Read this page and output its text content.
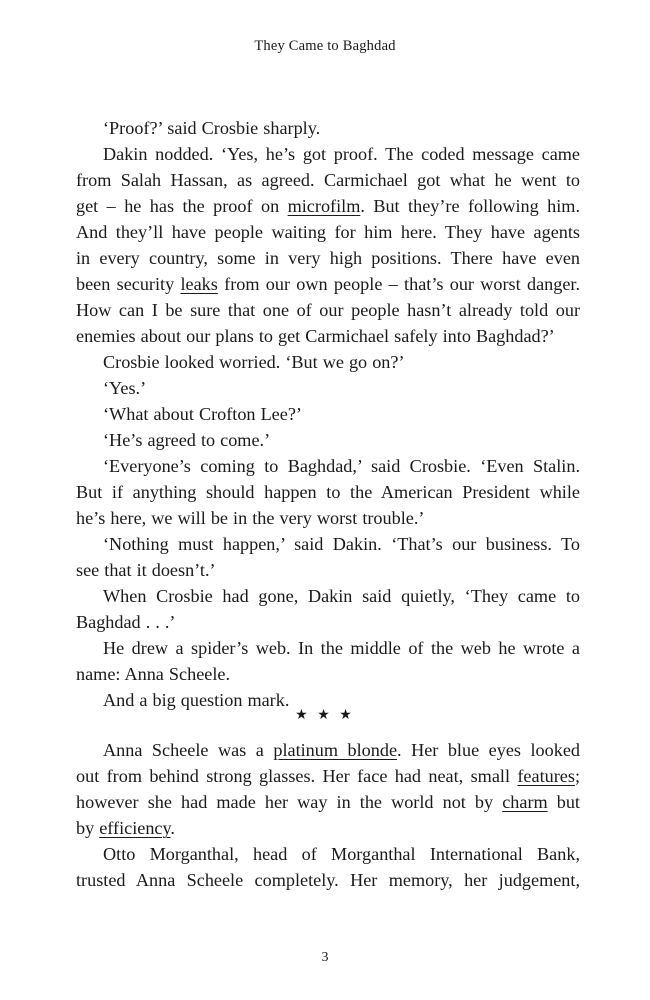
They Came to Baghdad
‘Proof?’ said Crosbie sharply.
Dakin nodded. ‘Yes, he’s got proof. The coded message came
from Salah Hassan, as agreed. Carmichael got what he went to
get – he has the proof on microfilm. But they’re following him.
And they’ll have people waiting for him here. They have agents
in every country, some in very high positions. There have even
been security leaks from our own people – that’s our worst danger.
How can I be sure that one of our people hasn’t already told our
enemies about our plans to get Carmichael safely into Baghdad?’
Crosbie looked worried. ‘But we go on?’
‘Yes.’
‘What about Crofton Lee?’
‘He’s agreed to come.’
‘Everyone’s coming to Baghdad,’ said Crosbie. ‘Even Stalin.
But if anything should happen to the American President while
he’s here, we will be in the very worst trouble.’
‘Nothing must happen,’ said Dakin. ‘That’s our business. To
see that it doesn’t.’
When Crosbie had gone, Dakin said quietly, ‘They came to
Baghdad . . .’
He drew a spider’s web. In the middle of the web he wrote a
name: Anna Scheele.
And a big question mark.
★ ★ ★
Anna Scheele was a platinum blonde. Her blue eyes looked
out from behind strong glasses. Her face had neat, small features;
however she had made her way in the world not by charm but
by efficiency.
Otto Morganthal, head of Morganthal International Bank,
trusted Anna Scheele completely. Her memory, her judgement,
3
